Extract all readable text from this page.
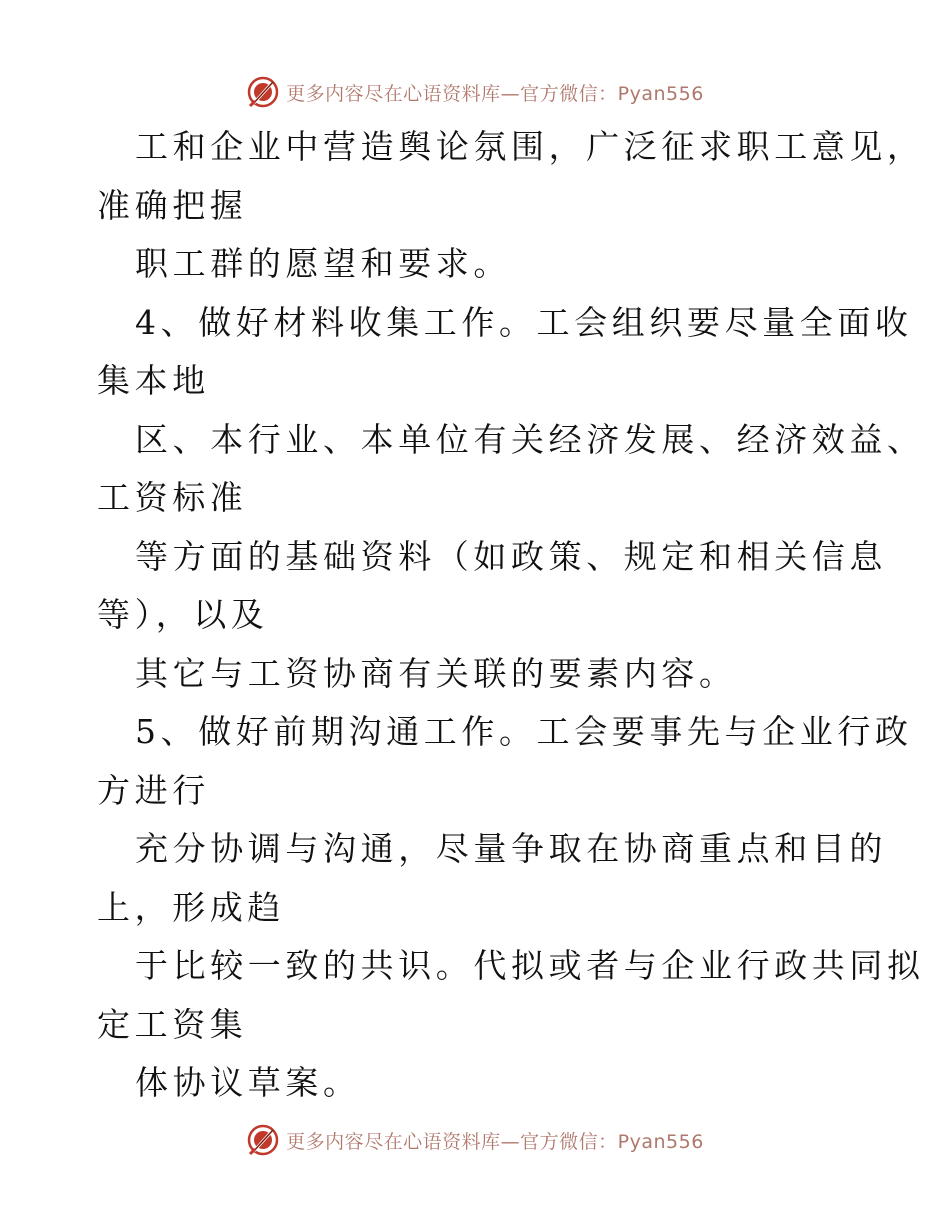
更多内容尽在心语资料库—官方微信：Pyan556
工和企业中营造舆论氛围，广泛征求职工意见，
准确把握
职工群的愿望和要求。
4、做好材料收集工作。工会组织要尽量全面收
集本地
区、本行业、本单位有关经济发展、经济效益、
工资标准
等方面的基础资料（如政策、规定和相关信息
等），以及
其它与工资协商有关联的要素内容。
5、做好前期沟通工作。工会要事先与企业行政
方进行
充分协调与沟通，尽量争取在协商重点和目的
上，形成趋
于比较一致的共识。代拟或者与企业行政共同拟
定工资集
体协议草案。
更多内容尽在心语资料库—官方微信：Pyan556
